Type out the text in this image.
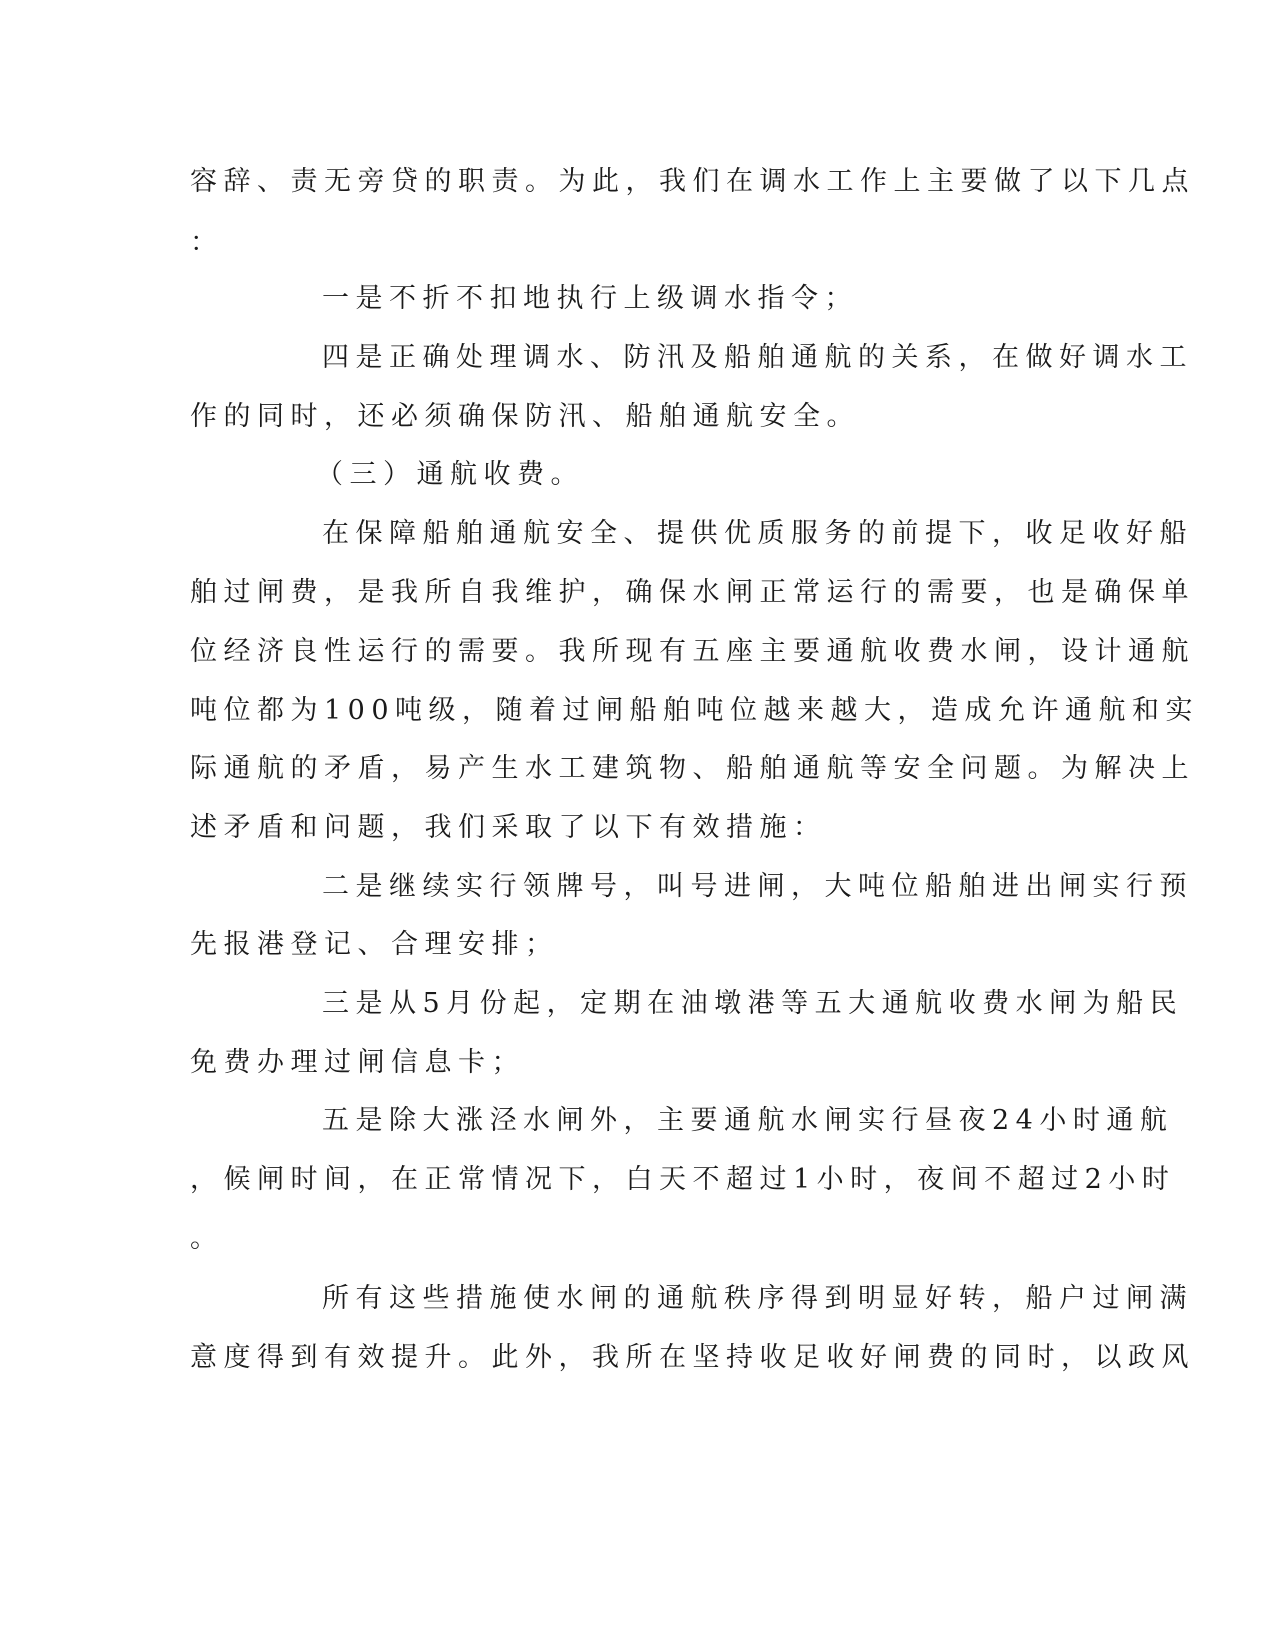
容辞、责无旁贷的职责。为此，我们在调水工作上主要做了以下几点
：
一是不折不扣地执行上级调水指令；
四是正确处理调水、防汛及船舶通航的关系，在做好调水工
作的同时，还必须确保防汛、船舶通航安全。
（三）通航收费。
在保障船舶通航安全、提供优质服务的前提下，收足收好船
舶过闸费，是我所自我维护，确保水闸正常运行的需要，也是确保单
位经济良性运行的需要。我所现有五座主要通航收费水闸，设计通航
吨位都为100吨级，随着过闸船舶吨位越来越大，造成允许通航和实
际通航的矛盾，易产生水工建筑物、船舶通航等安全问题。为解决上
述矛盾和问题，我们采取了以下有效措施：
二是继续实行领牌号，叫号进闸，大吨位船舶进出闸实行预
先报港登记、合理安排；
三是从5月份起，定期在油墩港等五大通航收费水闸为船民
免费办理过闸信息卡；
五是除大涨泾水闸外，主要通航水闸实行昼夜24小时通航
，候闸时间，在正常情况下，白天不超过1小时，夜间不超过2小时
。
所有这些措施使水闸的通航秩序得到明显好转，船户过闸满
意度得到有效提升。此外，我所在坚持收足收好闸费的同时，以政风
